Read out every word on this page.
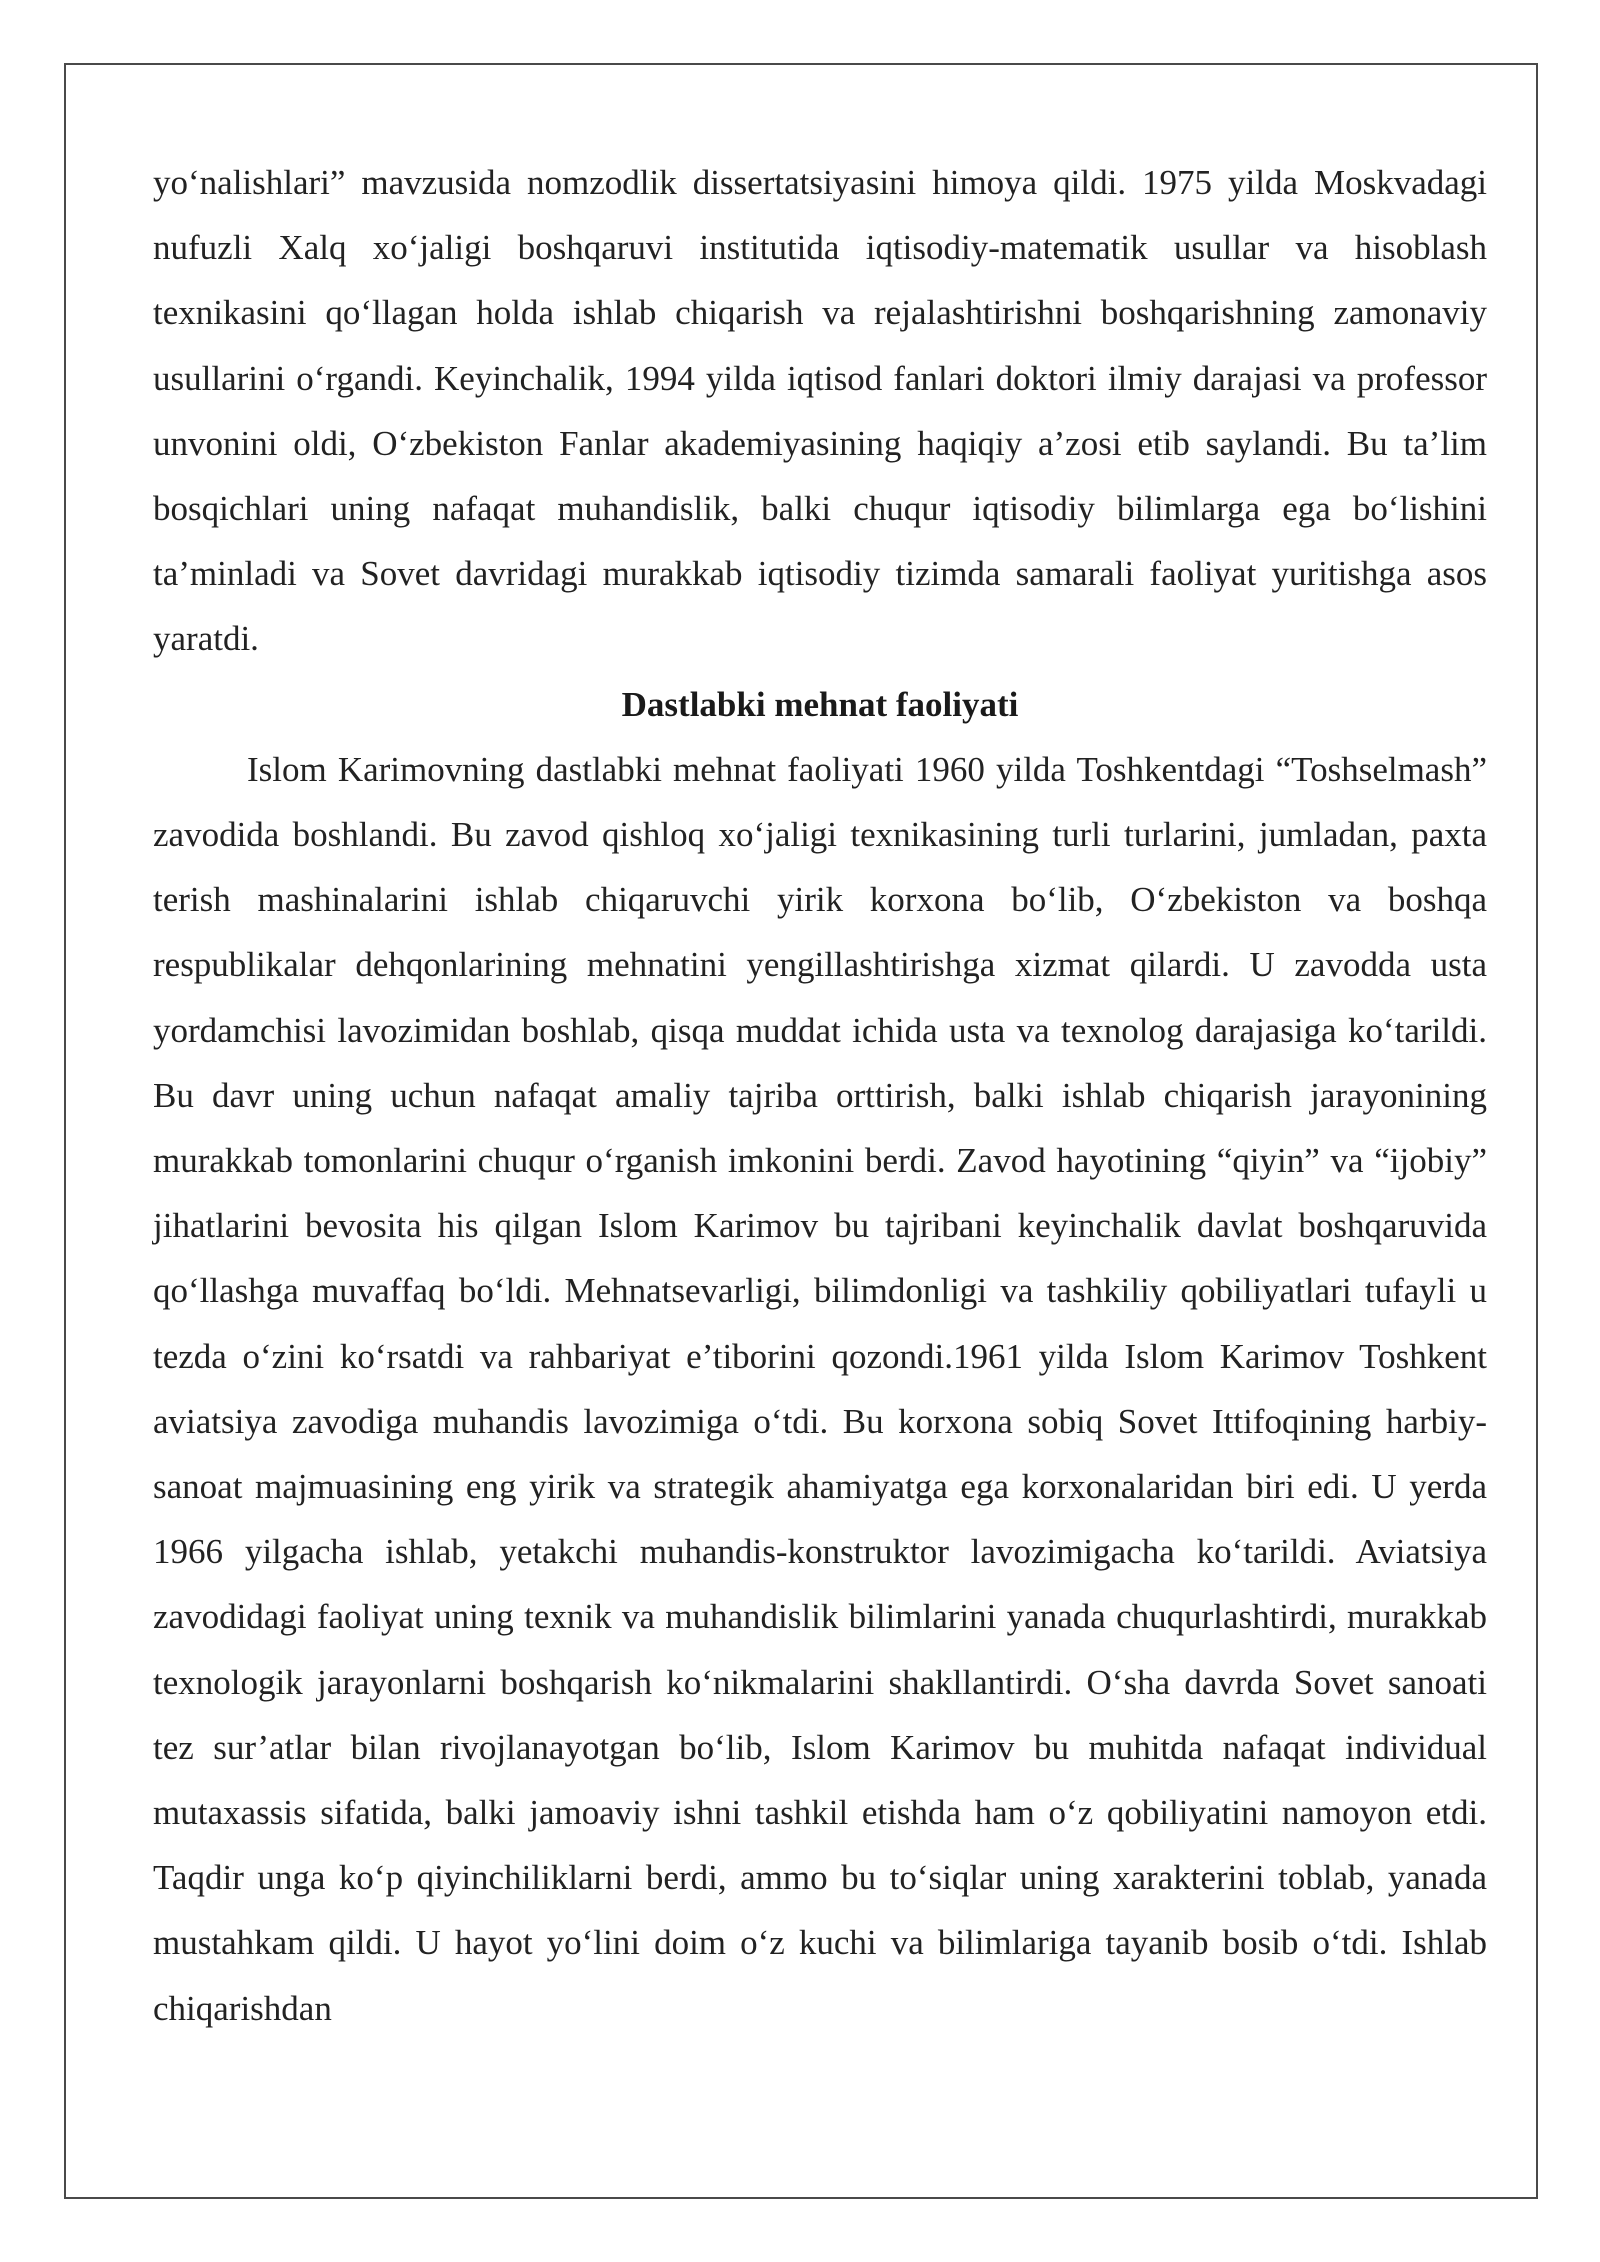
yo‘nalishlari” mavzusida nomzodlik dissertatsiyasini himoya qildi. 1975 yilda Moskvadagi nufuzli Xalq xo‘jaligi boshqaruvi institutida iqtisodiy-matematik usullar va hisoblash texnikasini qo‘llagan holda ishlab chiqarish va rejalashtirishni boshqarishning zamonaviy usullarini o‘rgandi. Keyinchalik, 1994 yilda iqtisod fanlari doktori ilmiy darajasi va professor unvonini oldi, O‘zbekiston Fanlar akademiyasining haqiqiy a’zosi etib saylandi. Bu ta’lim bosqichlari uning nafaqat muhandislik, balki chuqur iqtisodiy bilimlarga ega bo‘lishini ta’minladi va Sovet davridagi murakkab iqtisodiy tizimda samarali faoliyat yuritishga asos yaratdi.

Dastlabki mehnat faoliyati

Islom Karimovning dastlabki mehnat faoliyati 1960 yilda Toshkentdagi “Toshselmash” zavodida boshlandi. Bu zavod qishloq xo‘jaligi texnikasining turli turlarini, jumladan, paxta terish mashinalarini ishlab chiqaruvchi yirik korxona bo‘lib, O‘zbekiston va boshqa respublikalar dehqonlarining mehnatini yengillashtirishga xizmat qilardi. U zavodda usta yordamchisi lavozimidan boshlab, qisqa muddat ichida usta va texnolog darajasiga ko‘tarildi. Bu davr uning uchun nafaqat amaliy tajriba orttirish, balki ishlab chiqarish jarayonining murakkab tomonlarini chuqur o‘rganish imkonini berdi. Zavod hayotining “qiyin” va “ijobiy” jihatlarini bevosita his qilgan Islom Karimov bu tajribani keyinchalik davlat boshqaruvida qo‘llashga muvaffaq bo‘ldi. Mehnatsevarligi, bilimdonligi va tashkiliy qobiliyatlari tufayli u tezda o‘zini ko‘rsatdi va rahbariyat e’tiborini qozondi.1961 yilda Islom Karimov Toshkent aviatsiya zavodiga muhandis lavozimiga o‘tdi. Bu korxona sobiq Sovet Ittifoqining harbiy-sanoat majmuasining eng yirik va strategik ahamiyatga ega korxonalaridan biri edi. U yerda 1966 yilgacha ishlab, yetakchi muhandis-konstruktor lavozimigacha ko‘tarildi. Aviatsiya zavodidagi faoliyat uning texnik va muhandislik bilimlarini yanada chuqurlashtirdi, murakkab texnologik jarayonlarni boshqarish ko‘nikmalarini shakllantirdi. O‘sha davrda Sovet sanoati tez sur’atlar bilan rivojlanayotgan bo‘lib, Islom Karimov bu muhitda nafaqat individual mutaxassis sifatida, balki jamoaviy ishni tashkil etishda ham o‘z qobiliyatini namoyon etdi. Taqdir unga ko‘p qiyinchiliklarni berdi, ammo bu to‘siqlar uning xarakterini toblab, yanada mustahkam qildi. U hayot yo‘lini doim o‘z kuchi va bilimlariga tayanib bosib o‘tdi. Ishlab chiqarishdan
